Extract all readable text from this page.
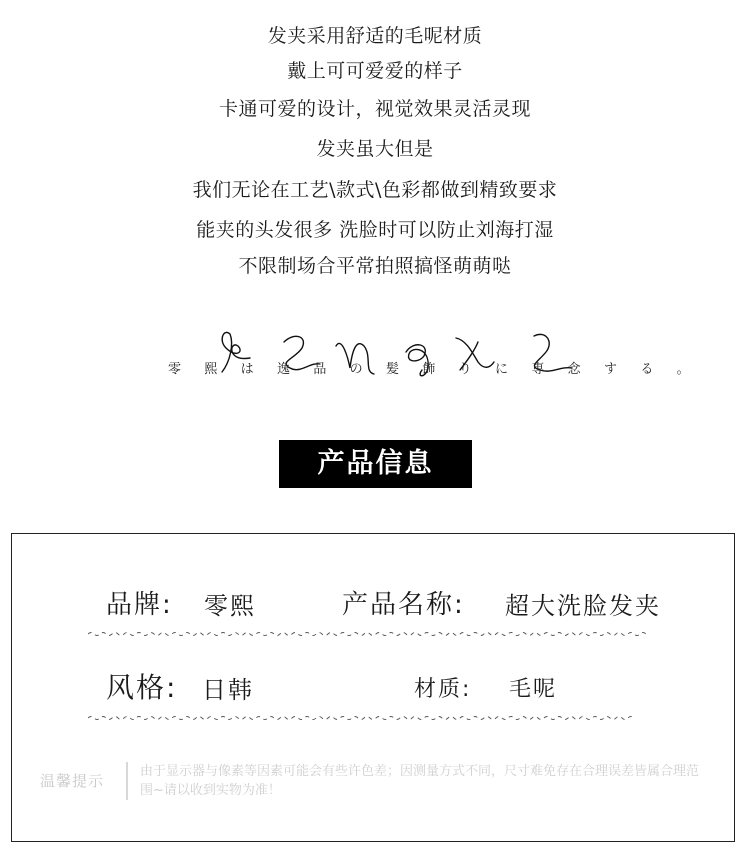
发夹采用舒适的毛呢材质
戴上可可爱爱的样子
卡通可爱的设计，视觉效果灵活灵现
发夹虽大但是
我们无论在工艺\款式\色彩都做到精致要求
能夹的头发很多 洗脸时可以防止刘海打湿
不限制场合平常拍照搞怪萌萌哒
零 熙 は 逸 品 の 髪 飾 り に 専 念 す る 。
产品信息
品牌: 零熙	产品名称: 超大洗脸发夹
风格: 日韩	材质: 毛呢
温馨提示
由于显示器与像素等因素可能会有些许色差；因测量方式不同，尺寸难免存在合理误差皆属合理范围~请以收到实物为准！
